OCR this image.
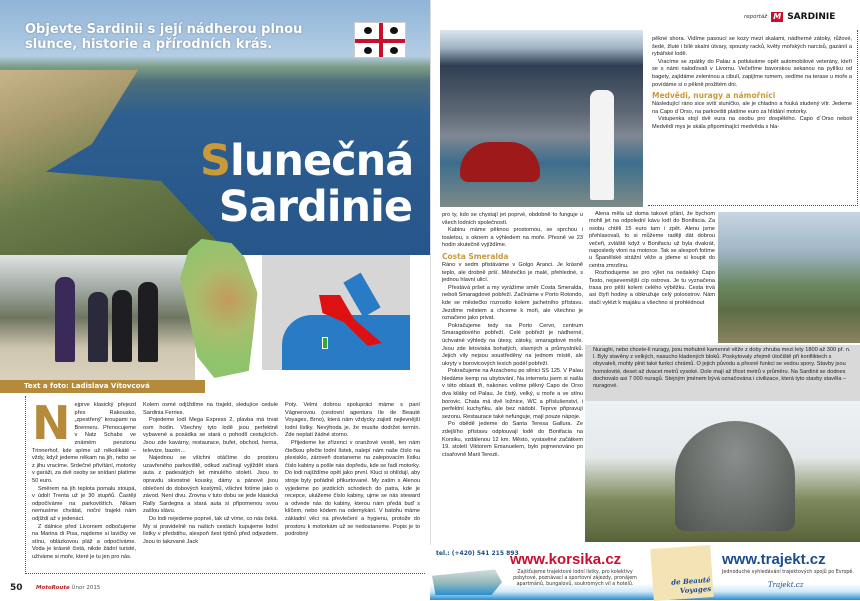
Objevte Sardinii s její nádherou plnou slunce, historie a přírodních krás.
Slunečná
Sardinie
Text a foto: Ladislava Vítovcová
N ejprve klasický přejezd přes Rakousko, „zpestřený“ kroupami na Brenneru. Přenocujeme v Natz Schabs ve známém penzionu Trinnerhof, kde spíme už několikáté – vždy, když jedeme někam na jih, nebo se z jihu vracíme. Srdečné přivítání, motorky v garáži, za dvě osoby se snídaní platíme 50 euro.

Směrem na jih teplota pomalu stoupá, v údolí Trenta už je 30 stupňů. Častěji odpočíváme na parkovištích. Nikam nemusíme chvátat, noční trajekt nám odjíždí až v jedenáct.

Z dálnice před Livornem odbočujeme na Marina di Pisa, najdeme si lavičky ve stínu, oblázkovou pláž a odpočíváme. Voda je krásně čistá, nikde žádní turisté, užíváme si moře, které je tu jen pro nás.

Kolem osmé odjíždíme na trajekt, sledujíce cedule Sardinia Ferries.

Pojedeme lodí Mega Express 2, plavba má trvat osm hodin. Všechny tyto lodě jsou perfektně vybavené a posádka se stará o pohodlí cestujících. Jsou zde kavárny, restaurace, bufet, obchod, herna, televize, bazén…

Najednou se všichni otáčíme do prostoru uzavřeného parkoviště, odkud začínají vyjíždět stará auta z padesátých let minulého století. Jsou to opravdu skvostné kousky, dámy a pánové jsou oblečeni do dobových kostýmů, všichni fotíme jako o závod. Není divu. Zrovna v tuto dobu se jede klasická Rally Sardegna a stará auta si připomenou svou zašlou slávu.

Do lodi nejedeme poprvé, tak už víme, co nás čeká. My si pravidelně na našich cestách kupujeme lodní lístky v předstihu, alespoň šest týdnů před odjezdem. Jsou to takzvané Jack

Poty. Velmi dobrou spolupráci máme s paní Vágnerovou (cestovní agentura Ile de Beauté Voyages, Brno), která nám vždycky zajistí nejlevnější lodní lístky. Nevýhoda je, že musíte dodržet termín. Zde neplatí žádné storno.

Přijedeme ke zřízenci v oranžové vestě, ten nám čtečkou přečte lodní lístek, nalepí nám naše číslo na plexisklo, zároveň dostaneme na zalepovacím lístku číslo kabiny a pošle nás dopředu, kde se řadí motorky. Do lodi najíždíme opět jako první. Kluci si ohlídají, aby stroje byly pořádně přikurtované. My zatím s Alenou vyjedeme po jezdicích schodech do patra, kde je recepce, ukážeme číslo kabiny, ujme se nás steward a odvede nás do kabiny, kterou nám předá buď s klíčem, nebo kódem na odemykání. V batohu máme základní věci na převlečení a hygienu, protože do prostoru k motorkám už se nedostaneme. Popis je to podrobný

50 MotoRoute Únor 2015
reportáž M SARDINIE

pěkné shora. Vidíme pasoucí se kozy mezi skalami, nádherné zátoky, růžové, šedé, žluté i bílé skalní útvary, spousty racků, květy mořských narcisů, gazánií a rybářské lodě.

Vracíme se zpátky do Palau a potkáváme opět automobilové veterány, kteří se s námi naloďovali v Livornu. Večeříme bavorskou sekanou na pytlíku od bagety, zajídáme zeleninou a cibulí, zapijíme rumem, sedíme na terase u moře a povídáme si o pěkně prožitém dni.

Medvědi, nuragy a námořníci

Následující ráno sice svítí sluníčko, ale je chladno a fouká studený vítr. Jedeme na Capo d´Orso, na parkovišti platíme euro za hlídání motorky.

Vstupenka stojí dvě eura na osobu pro dospělého. Capo d´Orso neboli Medvědí mys je skála připomínající medvěda s hla-

pro ty, kdo se chystají jet poprvé, obdobně to funguje u všech lodních společností.

Kabinu máme pěknou prostornou, se sprchou i toaletou, s oknem a výhledem na moře. Přesně ve 23 hodin skutečně vyjíždíme.

Costa Smeralda

Ráno v sedm přistáváme v Golgo Aranci. Je krásně teplo, ale drobně prší. Městečko je malé, přehledné, s jednou hlavní ulicí.

Přestává pršet a my vyrážíme směr Costa Smeralda, neboli Smaragdové pobřeží. Začínáme v Porto Rotondo, kde se městečko rozrostlo kolem jachetního přístavu. Jezdíme městem a chceme k moři, ale všechno je označeno jako privat.

Pokračujeme tedy na Porto Cervo, centrum Smaragdového pobřeží. Celé pobřeží je nádherné, úchvatné výhledy na útesy, zátoky, smaragdové moře. Jsou zde letoviska bohatých, slavných a průmyslníků. Jejich vily nejsou soustředěny na jednom místě, ale ukryty v borovicových lesích podél pobřeží.

Pokračujeme na Arzachenu po silnici SS 125. V Palau hledáme kemp na ubytování. Na internetu jsem si našla v této oblasti tři, nakonec volíme pěkný Capo de Orso dva kiláky od Palau. Je čistý, velký, u moře a ve stínu borovic. Chata má dvě ložnice, WC a příslušenství, i perfektní kuchyňku, ale bez nádobí. Teprve připravují sezonu. Restaurace také nefunguje, mají pouze nápoje.

Po obědě jedeme do Santa Teresa Gallura. Ze zdejšího přístavu odplouvají lodě do Bonifacia na Korsiku, vzdálenou 12 km. Město, vystavěné začátkem 19. století Viktorem Emanuelem, bylo pojmenováno po císařovně Marii Terezii.

Alena měla už doma takové přání, že bychom mohli jet na odpolední kávu lodí do Bonifacia. Za osobu chtěli 15 euro tam i zpět. Alenu jsme přehlasovali, to si můžeme raději dát dobrou večeři, zvláště když v Bonifaciu už byla dvakrát, naposledy vloni na motorce. Tak se alespoň fotíme u Španělské strážní věže a jdeme si koupit do centra zmrzlinu.

Rozhodujeme se pro výlet na nedaleký Capo Testo, nejsevernější cíp ostrova. Je tu vyznačena trasa pro pěší kolem celého výběžku. Cesta trvá asi čtyři hodiny a obkružuje celý poloostrov. Nám stačí vylézt k majáku a všechno si prohlédnout

Nuraghi, nebo chcete-li nuragy, jsou mohutné kamenné věže z doby zhruba mezi lety 1800 až 300 př. n. l. Byly stavěny z velkých, nasucho kladených bloků. Poskytovaly zřejmě útočiště při konfliktech s obyvateli, mohly plnit také funkci chrámů. O jejich původu a přesné funkci se vedou spory. Stavby jsou homolovité, deset až dvacet metrů vysoké. Dole mají až třicet metrů v průměru. Na Sardinii se dodnes dochovalo asi 7 000 nuragů. Stejným jménem bývá označována i civilizace, která tyto stavby stavěla – nuragové.
tel.: (+420) 541 215 893
www.korsika.cz
Zajišťujeme trajektové lodní lístky, pro kolektivy pobytové, poznávací a sportovní zájezdy, pronájem apartmánů, bungalovů, soukromých vil a hotelů.	de Beauté Voyages
www.trajekt.cz
Jednoduché vyhledávání trajektových spojů po Evropě.
Trajekt.cz
